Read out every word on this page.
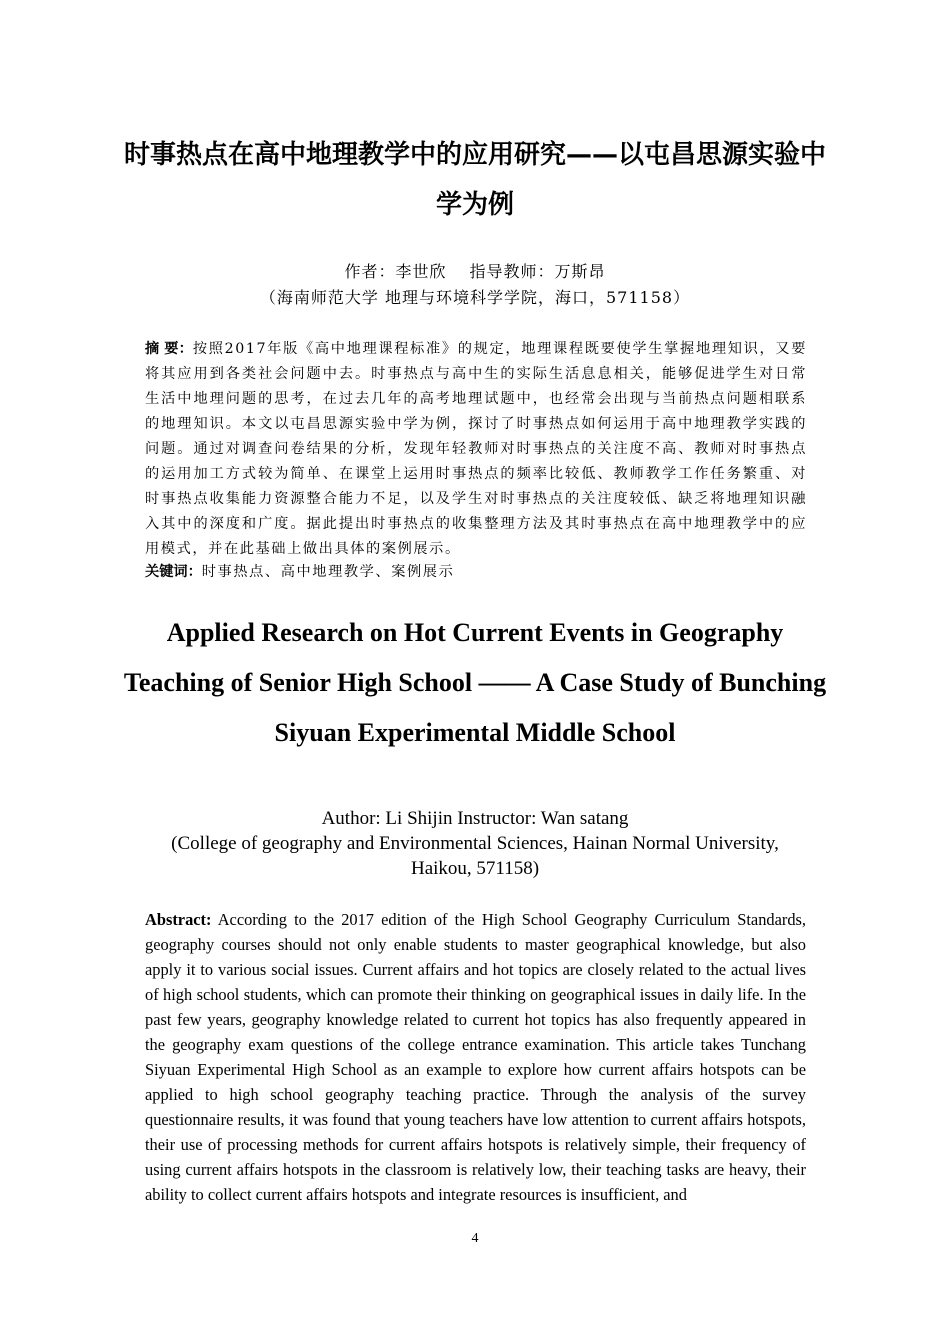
时事热点在高中地理教学中的应用研究——以屯昌思源实验中学为例
作者：李世欣　 指导教师：万斯昂
（海南师范大学 地理与环境科学学院，海口，571158）

摘 要：按照2017年版《高中地理课程标准》的规定，地理课程既要使学生掌握地理知识，又要将其应用到各类社会问题中去。时事热点与高中生的实际生活息息相关，能够促进学生对日常生活中地理问题的思考，在过去几年的高考地理试题中，也经常会出现与当前热点问题相联系的地理知识。本文以屯昌思源实验中学为例，探讨了时事热点如何运用于高中地理教学实践的问题。通过对调查问卷结果的分析，发现年轻教师对时事热点的关注度不高、教师对时事热点的运用加工方式较为简单、在课堂上运用时事热点的频率比较低、教师教学工作任务繁重、对时事热点收集能力资源整合能力不足，以及学生对时事热点的关注度较低、缺乏将地理知识融入其中的深度和广度。据此提出时事热点的收集整理方法及其时事热点在高中地理教学中的应用模式，并在此基础上做出具体的案例展示。

关键词：时事热点、高中地理教学、案例展示

Applied Research on Hot Current Events in Geography Teaching of Senior High School —— A Case Study of Bunching Siyuan Experimental Middle School
Author: Li Shijin Instructor: Wan satang
(College of geography and Environmental Sciences, Hainan Normal University, Haikou, 571158)

Abstract: According to the 2017 edition of the High School Geography Curriculum Standards, geography courses should not only enable students to master geographical knowledge, but also apply it to various social issues. Current affairs and hot topics are closely related to the actual lives of high school students, which can promote their thinking on geographical issues in daily life. In the past few years, geography knowledge related to current hot topics has also frequently appeared in the geography exam questions of the college entrance examination. This article takes Tunchang Siyuan Experimental High School as an example to explore how current affairs hotspots can be applied to high school geography teaching practice. Through the analysis of the survey questionnaire results, it was found that young teachers have low attention to current affairs hotspots, their use of processing methods for current affairs hotspots is relatively simple, their frequency of using current affairs hotspots in the classroom is relatively low, their teaching tasks are heavy, their ability to collect current affairs hotspots and integrate resources is insufficient, and

4
